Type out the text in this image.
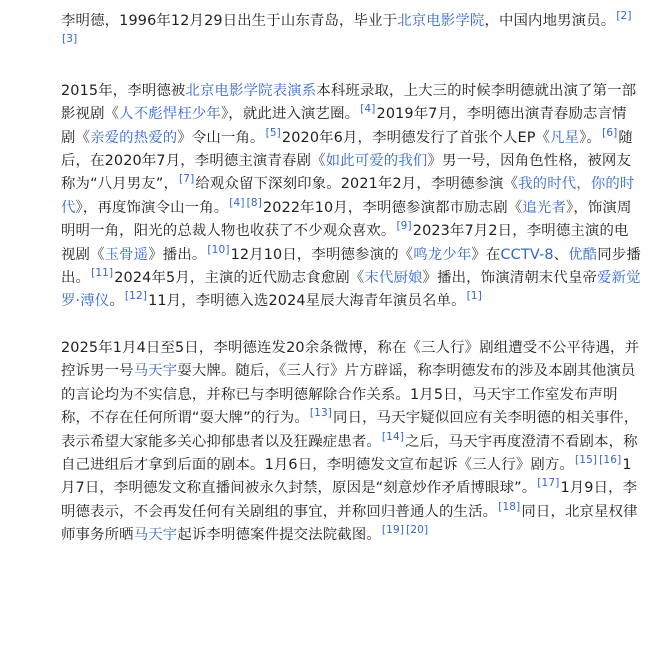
李明德，1996年12月29日出生于山东青岛，毕业于北京电影学院，中国内地男演员。[2][3]

2015年，李明德被北京电影学院表演系本科班录取，上大三的时候李明德就出演了第一部影视剧《人不彪悍枉少年》，就此进入演艺圈。[4]2019年7月，李明德出演青春励志言情剧《亲爱的热爱的》令山一角。[5]2020年6月，李明德发行了首张个人EP《凡星》。[6]随后，在2020年7月，李明德主演青春剧《如此可爱的我们》男一号，因角色性格，被网友称为“八月男友”，[7]给观众留下深刻印象。2021年2月，李明德参演《我的时代，你的时代》，再度饰演令山一角。[4] [8]2022年10月，李明德参演都市励志剧《追光者》，饰演周明明一角，阳光的总裁人物也收获了不少观众喜欢。[9]2023年7月2日，李明德主演的电视剧《玉骨遥》播出。[10]12月10日，李明德参演的《鸣龙少年》在CCTV-8、优酷同步播出。[11]2024年5月，主演的近代励志食愈剧《末代厨娘》播出，饰演清朝末代皇帝爱新觉罗·溥仪。[12]11月，李明德入选2024星辰大海青年演员名单。[1]

2025年1月4日至5日，李明德连发20余条微博，称在《三人行》剧组遭受不公平待遇，并控诉男一号马天宇耍大牌。随后，《三人行》片方辟谣，称李明德发布的涉及本剧其他演员的言论均为不实信息，并称已与李明德解除合作关系。1月5日，马天宇工作室发布声明称，不存在任何所谓“耍大牌”的行为。[13]同日，马天宇疑似回应有关李明德的相关事件，表示希望大家能多关心抑郁患者以及狂躁症患者。[14]之后，马天宇再度澄清不看剧本，称自己进组后才拿到后面的剧本。1月6日，李明德发文宣布起诉《三人行》剧方。[15] [16]1月7日，李明德发文称直播间被永久封禁，原因是“刻意炒作矛盾博眼球”。[17]1月9日，李明德表示，不会再发任何有关剧组的事宜，并称回归普通人的生活。[18]同日，北京星权律师事务所晒马天宇起诉李明德案件提交法院截图。[19] [20]
